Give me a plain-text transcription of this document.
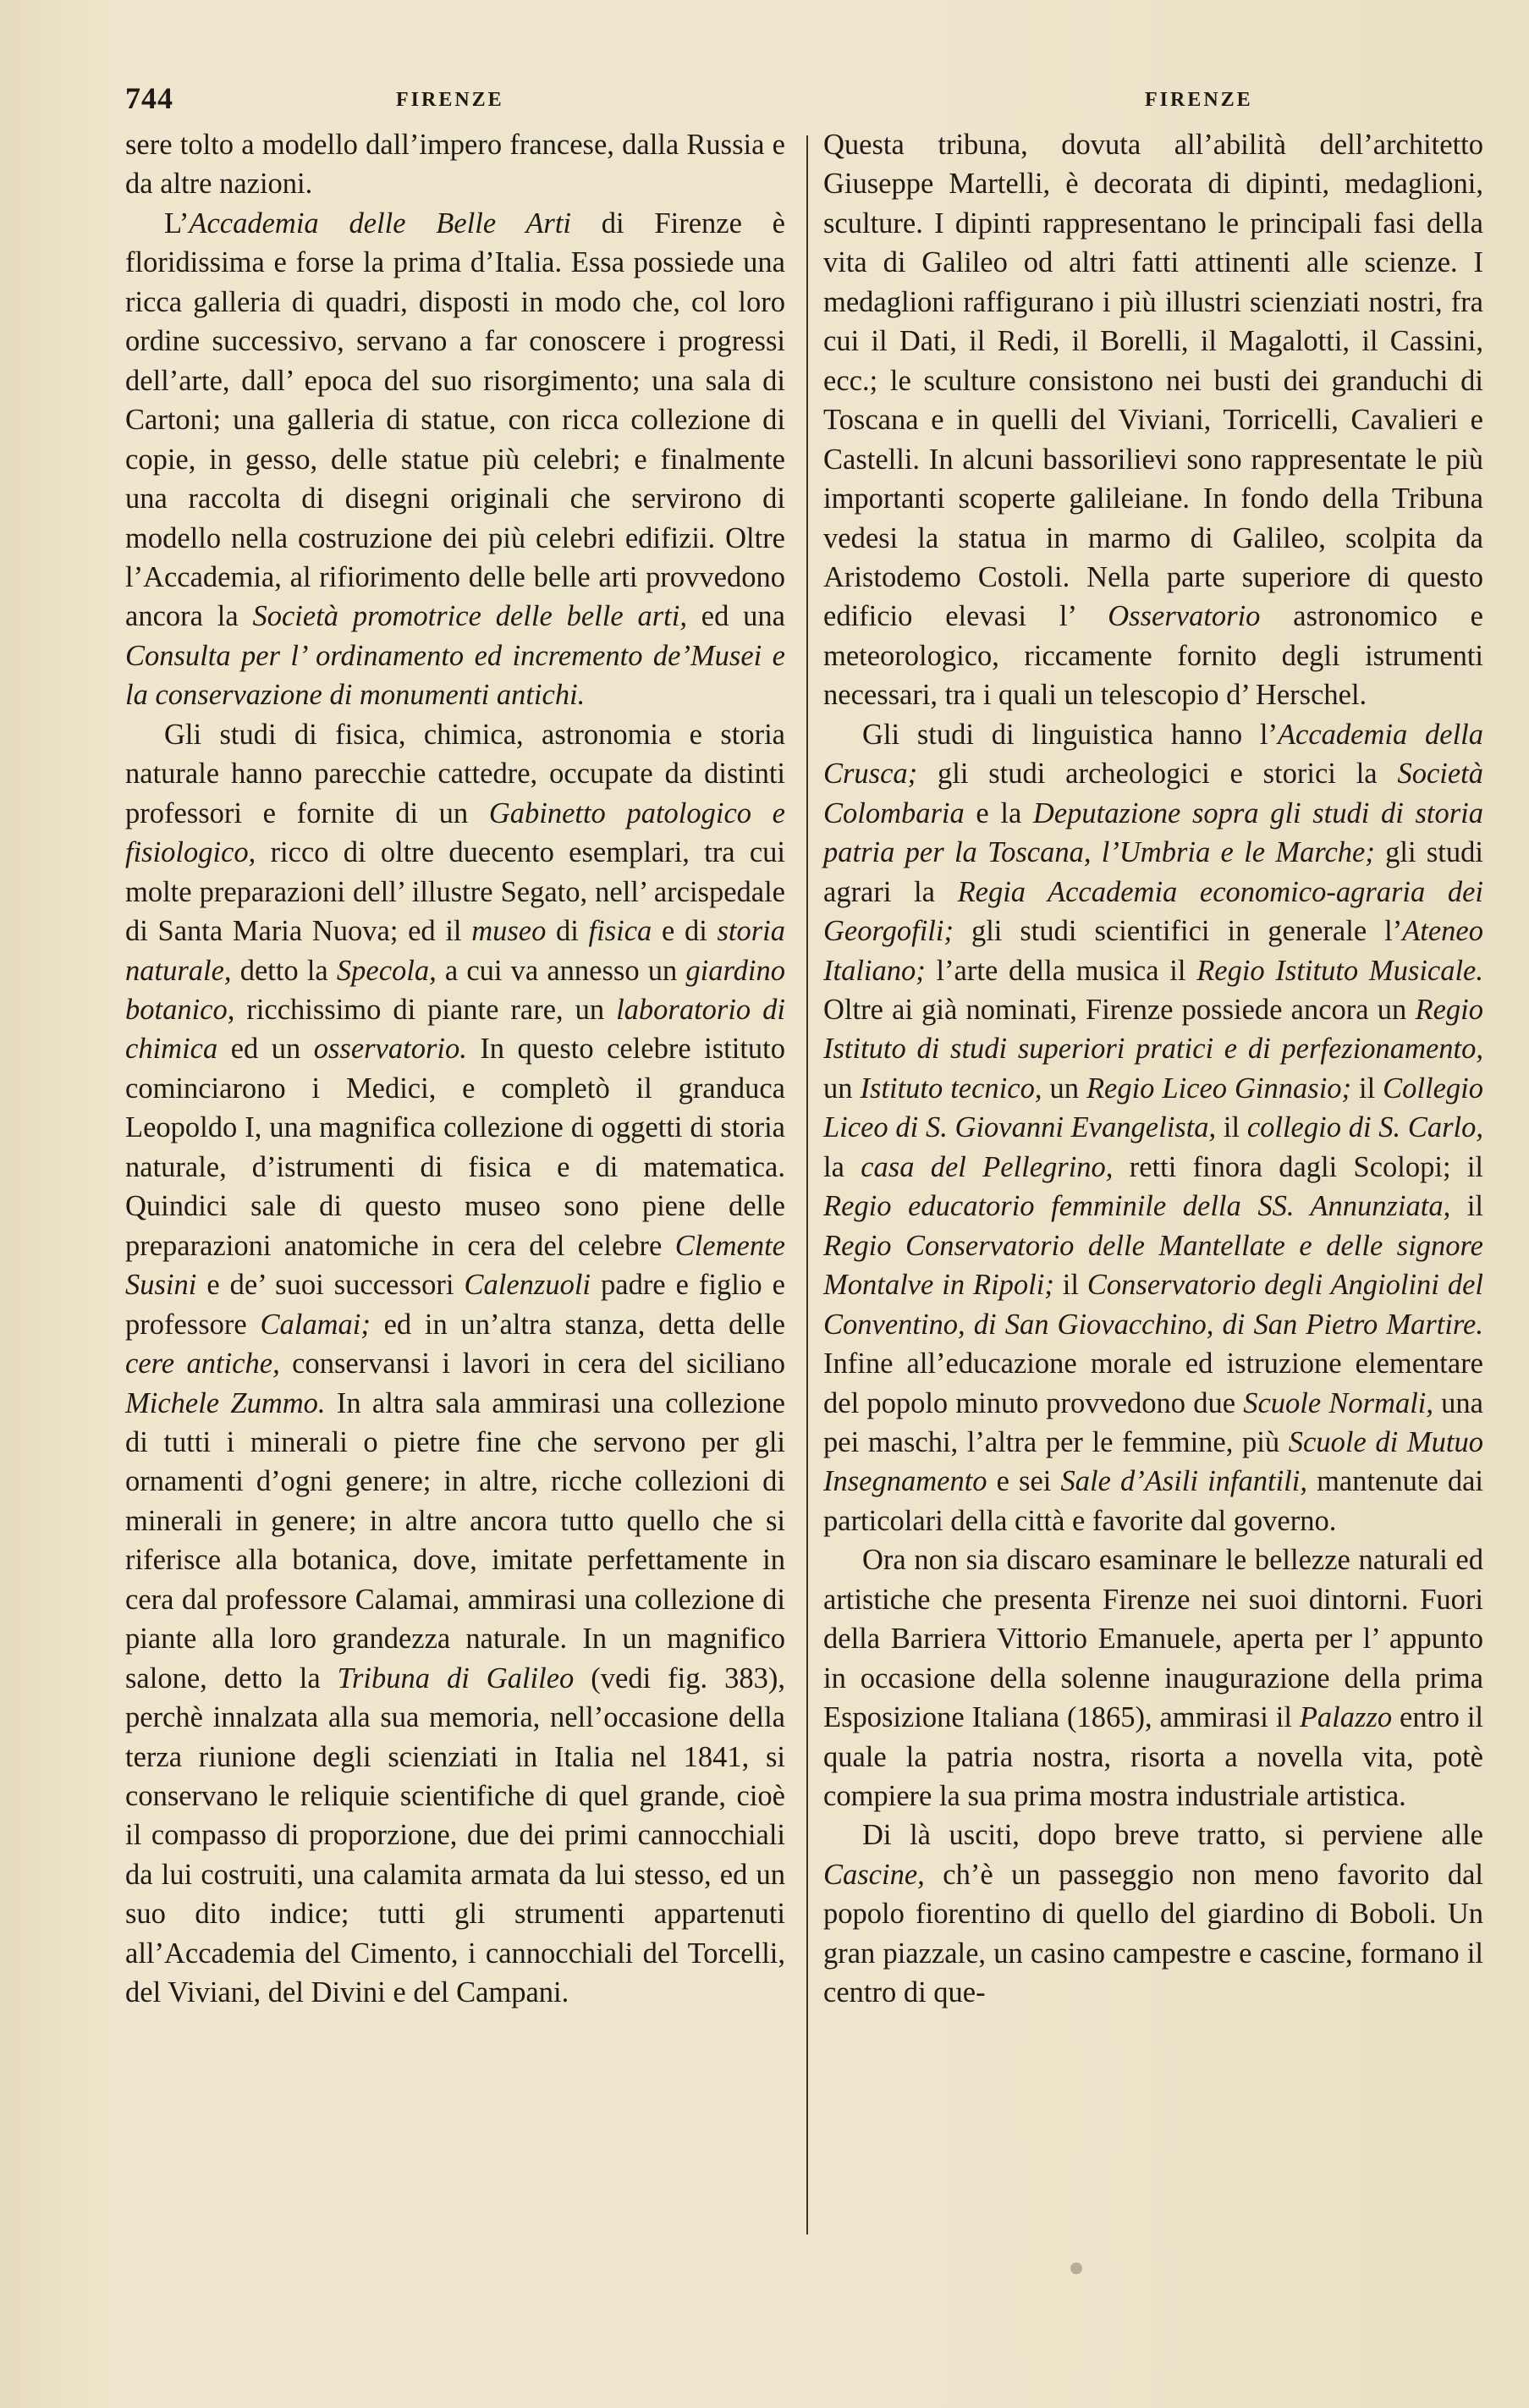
744	FIRENZE	FIRENZE

sere tolto a modello dall’impero francese, dalla Russia e da altre nazioni.

L’Accademia delle Belle Arti di Firenze è floridissima e forse la prima d’Italia. Essa possiede una ricca galleria di quadri, disposti in modo che, col loro ordine successivo, servano a far conoscere i progressi dell’arte, dall’ epoca del suo risorgimento; una sala di Cartoni; una galleria di statue, con ricca collezione di copie, in gesso, delle statue più celebri; e finalmente una raccolta di disegni originali che servirono di modello nella costruzione dei più celebri edifizii. Oltre l’Accademia, al rifiorimento delle belle arti provvedono ancora la Società promotrice delle belle arti, ed una Consulta per l’ ordinamento ed incremento de’Musei e la conservazione di monumenti antichi.

Gli studi di fisica, chimica, astronomia e storia naturale hanno parecchie cattedre, occupate da distinti professori e fornite di un Gabinetto patologico e fisiologico, ricco di oltre duecento esemplari, tra cui molte preparazioni dell’ illustre Segato, nell’ arcispedale di Santa Maria Nuova; ed il museo di fisica e di storia naturale, detto la Specola, a cui va annesso un giardino botanico, ricchissimo di piante rare, un laboratorio di chimica ed un osservatorio. In questo celebre istituto cominciarono i Medici, e completò il granduca Leopoldo I, una magnifica collezione di oggetti di storia naturale, d’istrumenti di fisica e di matematica. Quindici sale di questo museo sono piene delle preparazioni anatomiche in cera del celebre Clemente Susini e de’ suoi successori Calenzuoli padre e figlio e professore Calamai; ed in un’altra stanza, detta delle cere antiche, conservansi i lavori in cera del siciliano Michele Zummo. In altra sala ammirasi una collezione di tutti i minerali o pietre fine che servono per gli ornamenti d’ogni genere; in altre, ricche collezioni di minerali in genere; in altre ancora tutto quello che si riferisce alla botanica, dove, imitate perfettamente in cera dal professore Calamai, ammirasi una collezione di piante alla loro grandezza naturale. In un magnifico salone, detto la Tribuna di Galileo (vedi fig. 383), perchè innalzata alla sua memoria, nell’occasione della terza riunione degli scienziati in Italia nel 1841, si conservano le reliquie scientifiche di quel grande, cioè il compasso di proporzione, due dei primi cannocchiali da lui costruiti, una calamita armata da lui stesso, ed un suo dito indice; tutti gli strumenti appartenuti all’Accademia del Cimento, i cannocchiali del Torcelli, del Viviani, del Divini e del Campani.

Questa tribuna, dovuta all’abilità dell’architetto Giuseppe Martelli, è decorata di dipinti, medaglioni, sculture. I dipinti rappresentano le principali fasi della vita di Galileo od altri fatti attinenti alle scienze. I medaglioni raffigurano i più illustri scienziati nostri, fra cui il Dati, il Redi, il Borelli, il Magalotti, il Cassini, ecc.; le sculture consistono nei busti dei granduchi di Toscana e in quelli del Viviani, Torricelli, Cavalieri e Castelli. In alcuni bassorilievi sono rappresentate le più importanti scoperte galileiane. In fondo della Tribuna vedesi la statua in marmo di Galileo, scolpita da Aristodemo Costoli. Nella parte superiore di questo edificio elevasi l’ Osservatorio astronomico e meteorologico, riccamente fornito degli istrumenti necessari, tra i quali un telescopio d’ Herschel.

Gli studi di linguistica hanno l’Accademia della Crusca; gli studi archeologici e storici la Società Colombaria e la Deputazione sopra gli studi di storia patria per la Toscana, l’Umbria e le Marche; gli studi agrari la Regia Accademia economico-agraria dei Georgofili; gli studi scientifici in generale l’Ateneo Italiano; l’arte della musica il Regio Istituto Musicale. Oltre ai già nominati, Firenze possiede ancora un Regio Istituto di studi superiori pratici e di perfezionamento, un Istituto tecnico, un Regio Liceo Ginnasio; il Collegio Liceo di S. Giovanni Evangelista, il collegio di S. Carlo, la casa del Pellegrino, retti finora dagli Scolopi; il Regio educatorio femminile della SS. Annunziata, il Regio Conservatorio delle Mantellate e delle signore Montalve in Ripoli; il Conservatorio degli Angiolini del Conventino, di San Giovacchino, di San Pietro Martire. Infine all’educazione morale ed istruzione elementare del popolo minuto provvedono due Scuole Normali, una pei maschi, l’altra per le femmine, più Scuole di Mutuo Insegnamento e sei Sale d’Asili infantili, mantenute dai particolari della città e favorite dal governo.

Ora non sia discaro esaminare le bellezze naturali ed artistiche che presenta Firenze nei suoi dintorni. Fuori della Barriera Vittorio Emanuele, aperta per l’ appunto in occasione della solenne inaugurazione della prima Esposizione Italiana (1865), ammirasi il Palazzo entro il quale la patria nostra, risorta a novella vita, potè compiere la sua prima mostra industriale artistica.

Di là usciti, dopo breve tratto, si perviene alle Cascine, ch’è un passeggio non meno favorito dal popolo fiorentino di quello del giardino di Boboli. Un gran piazzale, un casino campestre e cascine, formano il centro di que-
